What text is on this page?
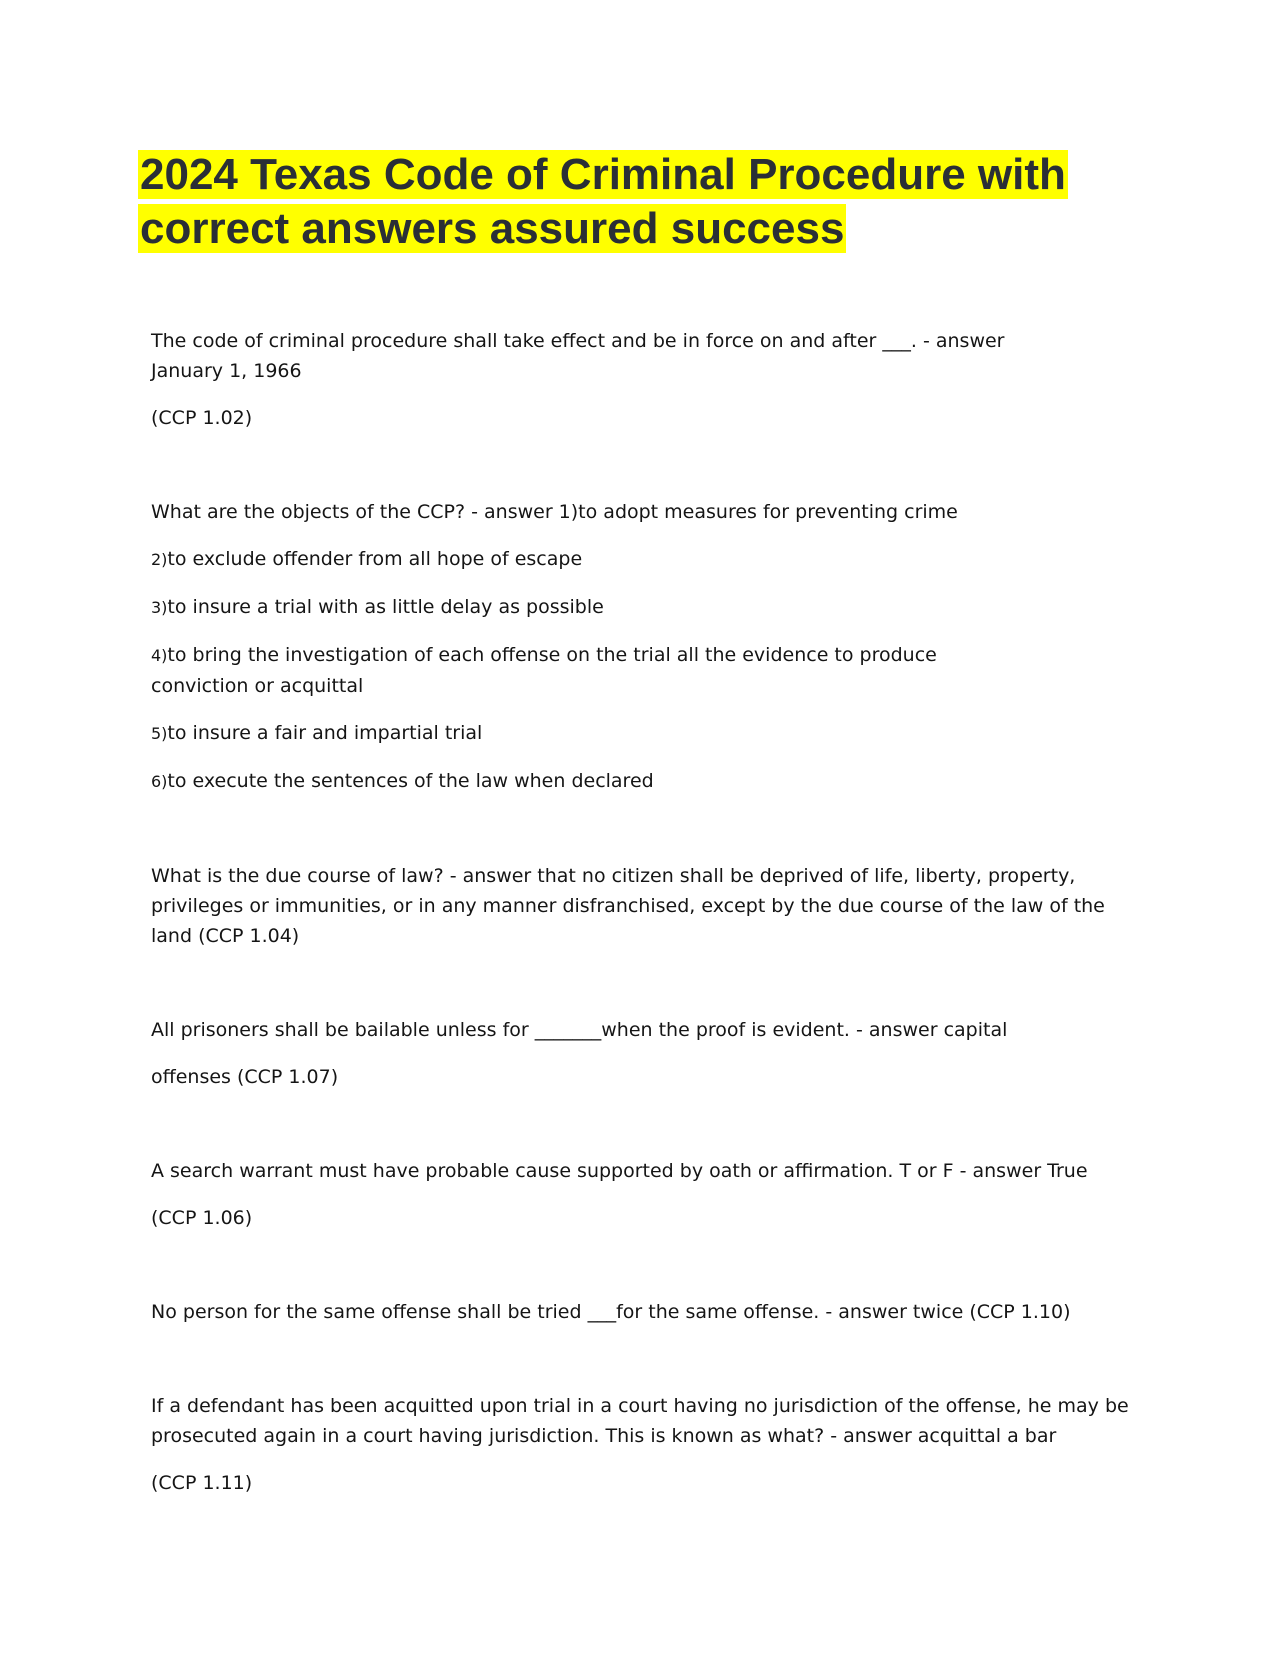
2024 Texas Code of Criminal Procedure with correct answers assured success

The code of criminal procedure shall take effect and be in force on and after ___. - answer January 1, 1966

(CCP 1.02)

What are the objects of the CCP? - answer 1)to adopt measures for preventing crime

2)to exclude offender from all hope of escape

3)to insure a trial with as little delay as possible

4)to bring the investigation of each offense on the trial all the evidence to produce conviction or acquittal

5)to insure a fair and impartial trial

6)to execute the sentences of the law when declared

What is the due course of law? - answer that no citizen shall be deprived of life, liberty, property, privileges or immunities, or in any manner disfranchised, except by the due course of the law of the land (CCP 1.04)

All prisoners shall be bailable unless for _______when the proof is evident. - answer capital

offenses (CCP 1.07)

A search warrant must have probable cause supported by oath or affirmation. T or F - answer True

(CCP 1.06)

No person for the same offense shall be tried ___for the same offense. - answer twice (CCP 1.10)

If a defendant has been acquitted upon trial in a court having no jurisdiction of the offense, he may be prosecuted again in a court having jurisdiction. This is known as what? - answer acquittal a bar

(CCP 1.11)
